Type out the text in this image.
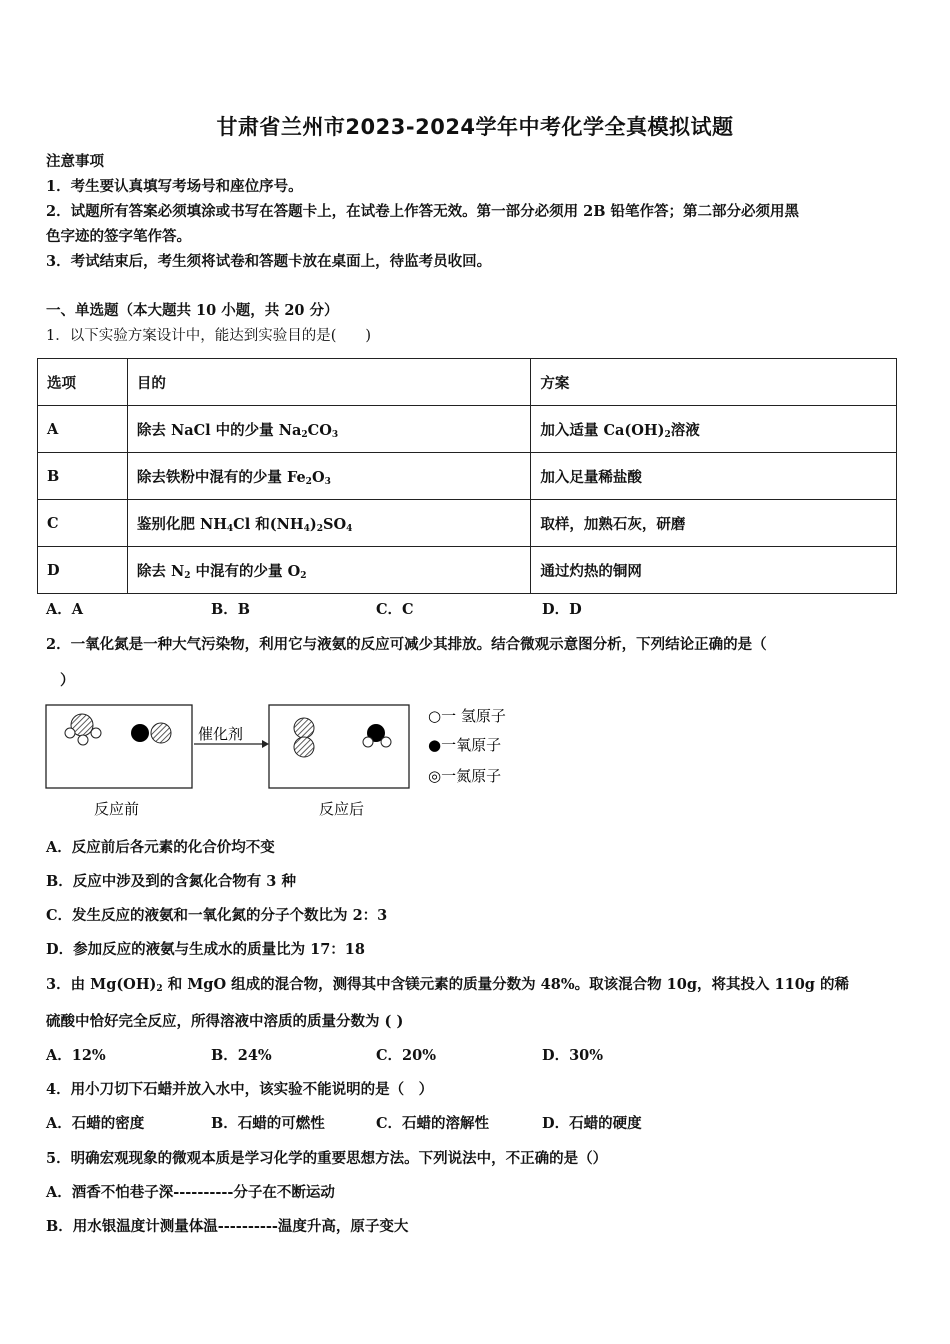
甘肃省兰州市2023-2024学年中考化学全真模拟试题
注意事项
1．考生要认真填写考场号和座位序号。
2．试题所有答案必须填涂或书写在答题卡上，在试卷上作答无效。第一部分必须用 2B 铅笔作答；第二部分必须用黑
色字迹的签字笔作答。
3．考试结束后，考生须将试卷和答题卡放在桌面上，待监考员收回。
一、单选题（本大题共 10 小题，共 20 分）
1．以下实验方案设计中，能达到实验目的是(　　)
选项	目的	方案
A	除去 NaCl 中的少量 $Na_2CO_3$	加入适量 $Ca(OH)_2$溶液
B	除去铁粉中混有的少量 $Fe_2O_3$	加入足量稀盐酸
C	鉴别化肥 $NH_4Cl$ 和$(NH_4)_2SO_4$	取样，加熟石灰，研磨
D	除去 $N_2$ 中混有的少量 $O_2$	通过灼热的铜网
A．A	B．B	C．C	D．D
2．一氧化氮是一种大气污染物，利用它与液氨的反应可减少其排放。结合微观示意图分析，下列结论正确的是（
）
催化剂
反应前	反应后
○一 氢原子
●一氧原子
◎一氮原子
A．反应前后各元素的化合价均不变
B．反应中涉及到的含氮化合物有 3 种
C．发生反应的液氨和一氧化氮的分子个数比为 2：3
D．参加反应的液氨与生成水的质量比为 17：18
3．由 $Mg(OH)_2$ 和 MgO 组成的混合物，测得其中含镁元素的质量分数为 48%。取该混合物 10g，将其投入 110g 的稀
硫酸中恰好完全反应，所得溶液中溶质的质量分数为 ( )
A．12%	B．24%	C．20%	D．30%
4．用小刀切下石蜡并放入水中，该实验不能说明的是（　）
A．石蜡的密度	B．石蜡的可燃性	C．石蜡的溶解性	D．石蜡的硬度
5．明确宏观现象的微观本质是学习化学的重要思想方法。下列说法中，不正确的是（）
A．酒香不怕巷子深----------分子在不断运动
B．用水银温度计测量体温----------温度升高，原子变大
